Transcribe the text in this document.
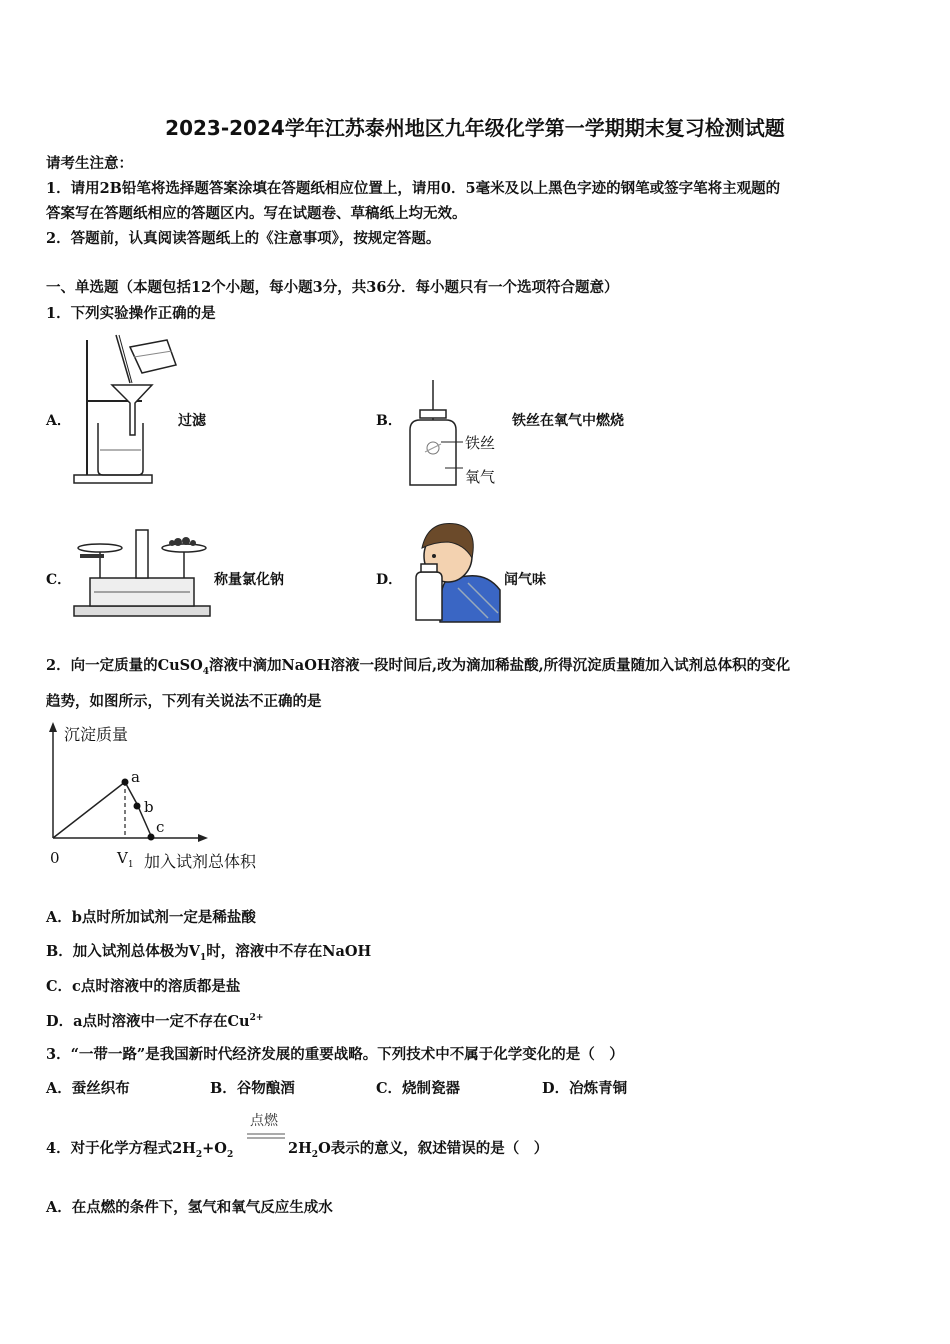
2023-2024学年江苏泰州地区九年级化学第一学期期末复习检测试题
请考生注意：
1．请用2B铅笔将选择题答案涂填在答题纸相应位置上，请用0．5毫米及以上黑色字迹的钢笔或签字笔将主观题的
答案写在答题纸相应的答题区内。写在试题卷、草稿纸上均无效。
2．答题前，认真阅读答题纸上的《注意事项》，按规定答题。
一、单选题（本题包括12个小题，每小题3分，共36分．每小题只有一个选项符合题意）
1．下列实验操作正确的是
A．	过滤	B．
铁丝
氧气
铁丝在氧气中燃烧
C．	称量氯化钠	D．	闻气味
2．向一定质量的CuSO$_4$溶液中滴加NaOH溶液一段时间后,改为滴加稀盐酸,所得沉淀质量随加入试剂总体积的变化
趋势，如图所示，下列有关说法不正确的是
沉淀质量
a
b
c
0	$V_1$ 加入试剂总体积
A．b点时所加试剂一定是稀盐酸
B．加入试剂总体极为$V_1$时，溶液中不存在NaOH
C．c点时溶液中的溶质都是盐
D．a点时溶液中一定不存在$Cu^{2+}$
3．“一带一路”是我国新时代经济发展的重要战略。下列技术中不属于化学变化的是（　）
A．蚕丝织布	B．谷物酿酒	C．烧制瓷器	D．冶炼青铜
4．对于化学方程式$2H_2+O_2$
点燃
$2H_2O$表示的意义，叙述错误的是（　）
A．在点燃的条件下，氢气和氧气反应生成水
